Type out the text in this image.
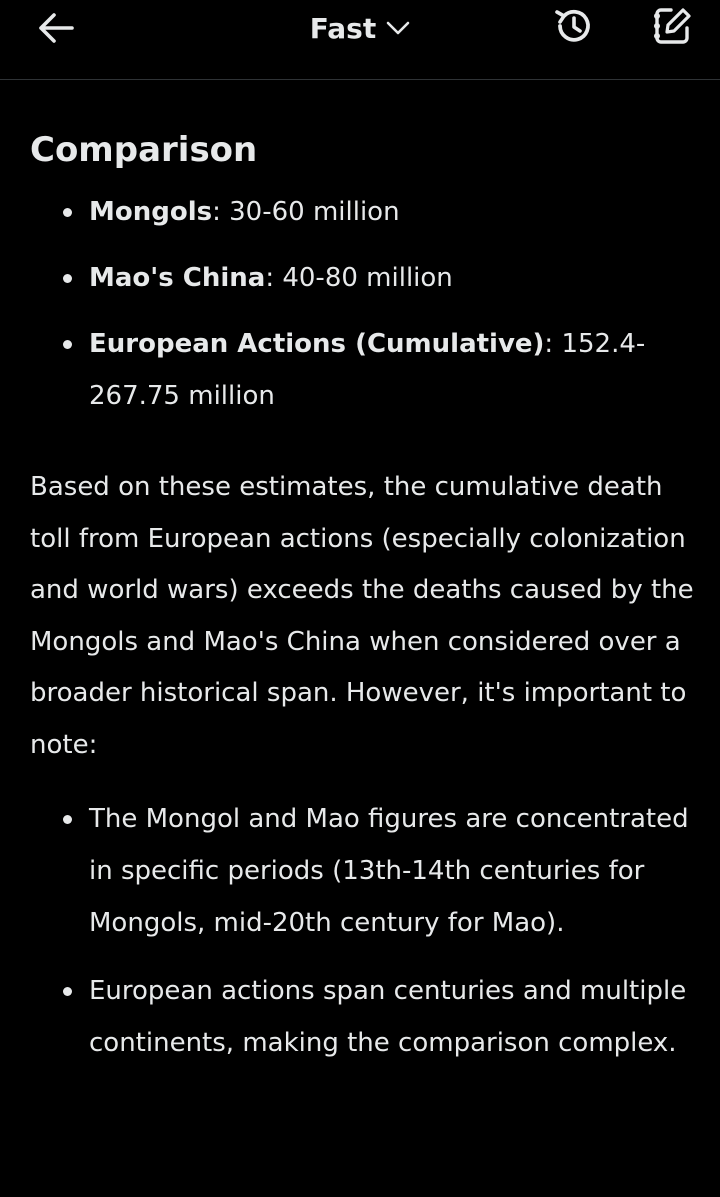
Fast
Comparison
Mongols: 30-60 million
Mao's China: 40-80 million
European Actions (Cumulative): 152.4-267.75 million
Based on these estimates, the cumulative death toll from European actions (especially colonization and world wars) exceeds the deaths caused by the Mongols and Mao's China when considered over a broader historical span. However, it's important to note:
The Mongol and Mao figures are concentrated in specific periods (13th-14th centuries for Mongols, mid-20th century for Mao).
European actions span centuries and multiple continents, making the comparison complex.
